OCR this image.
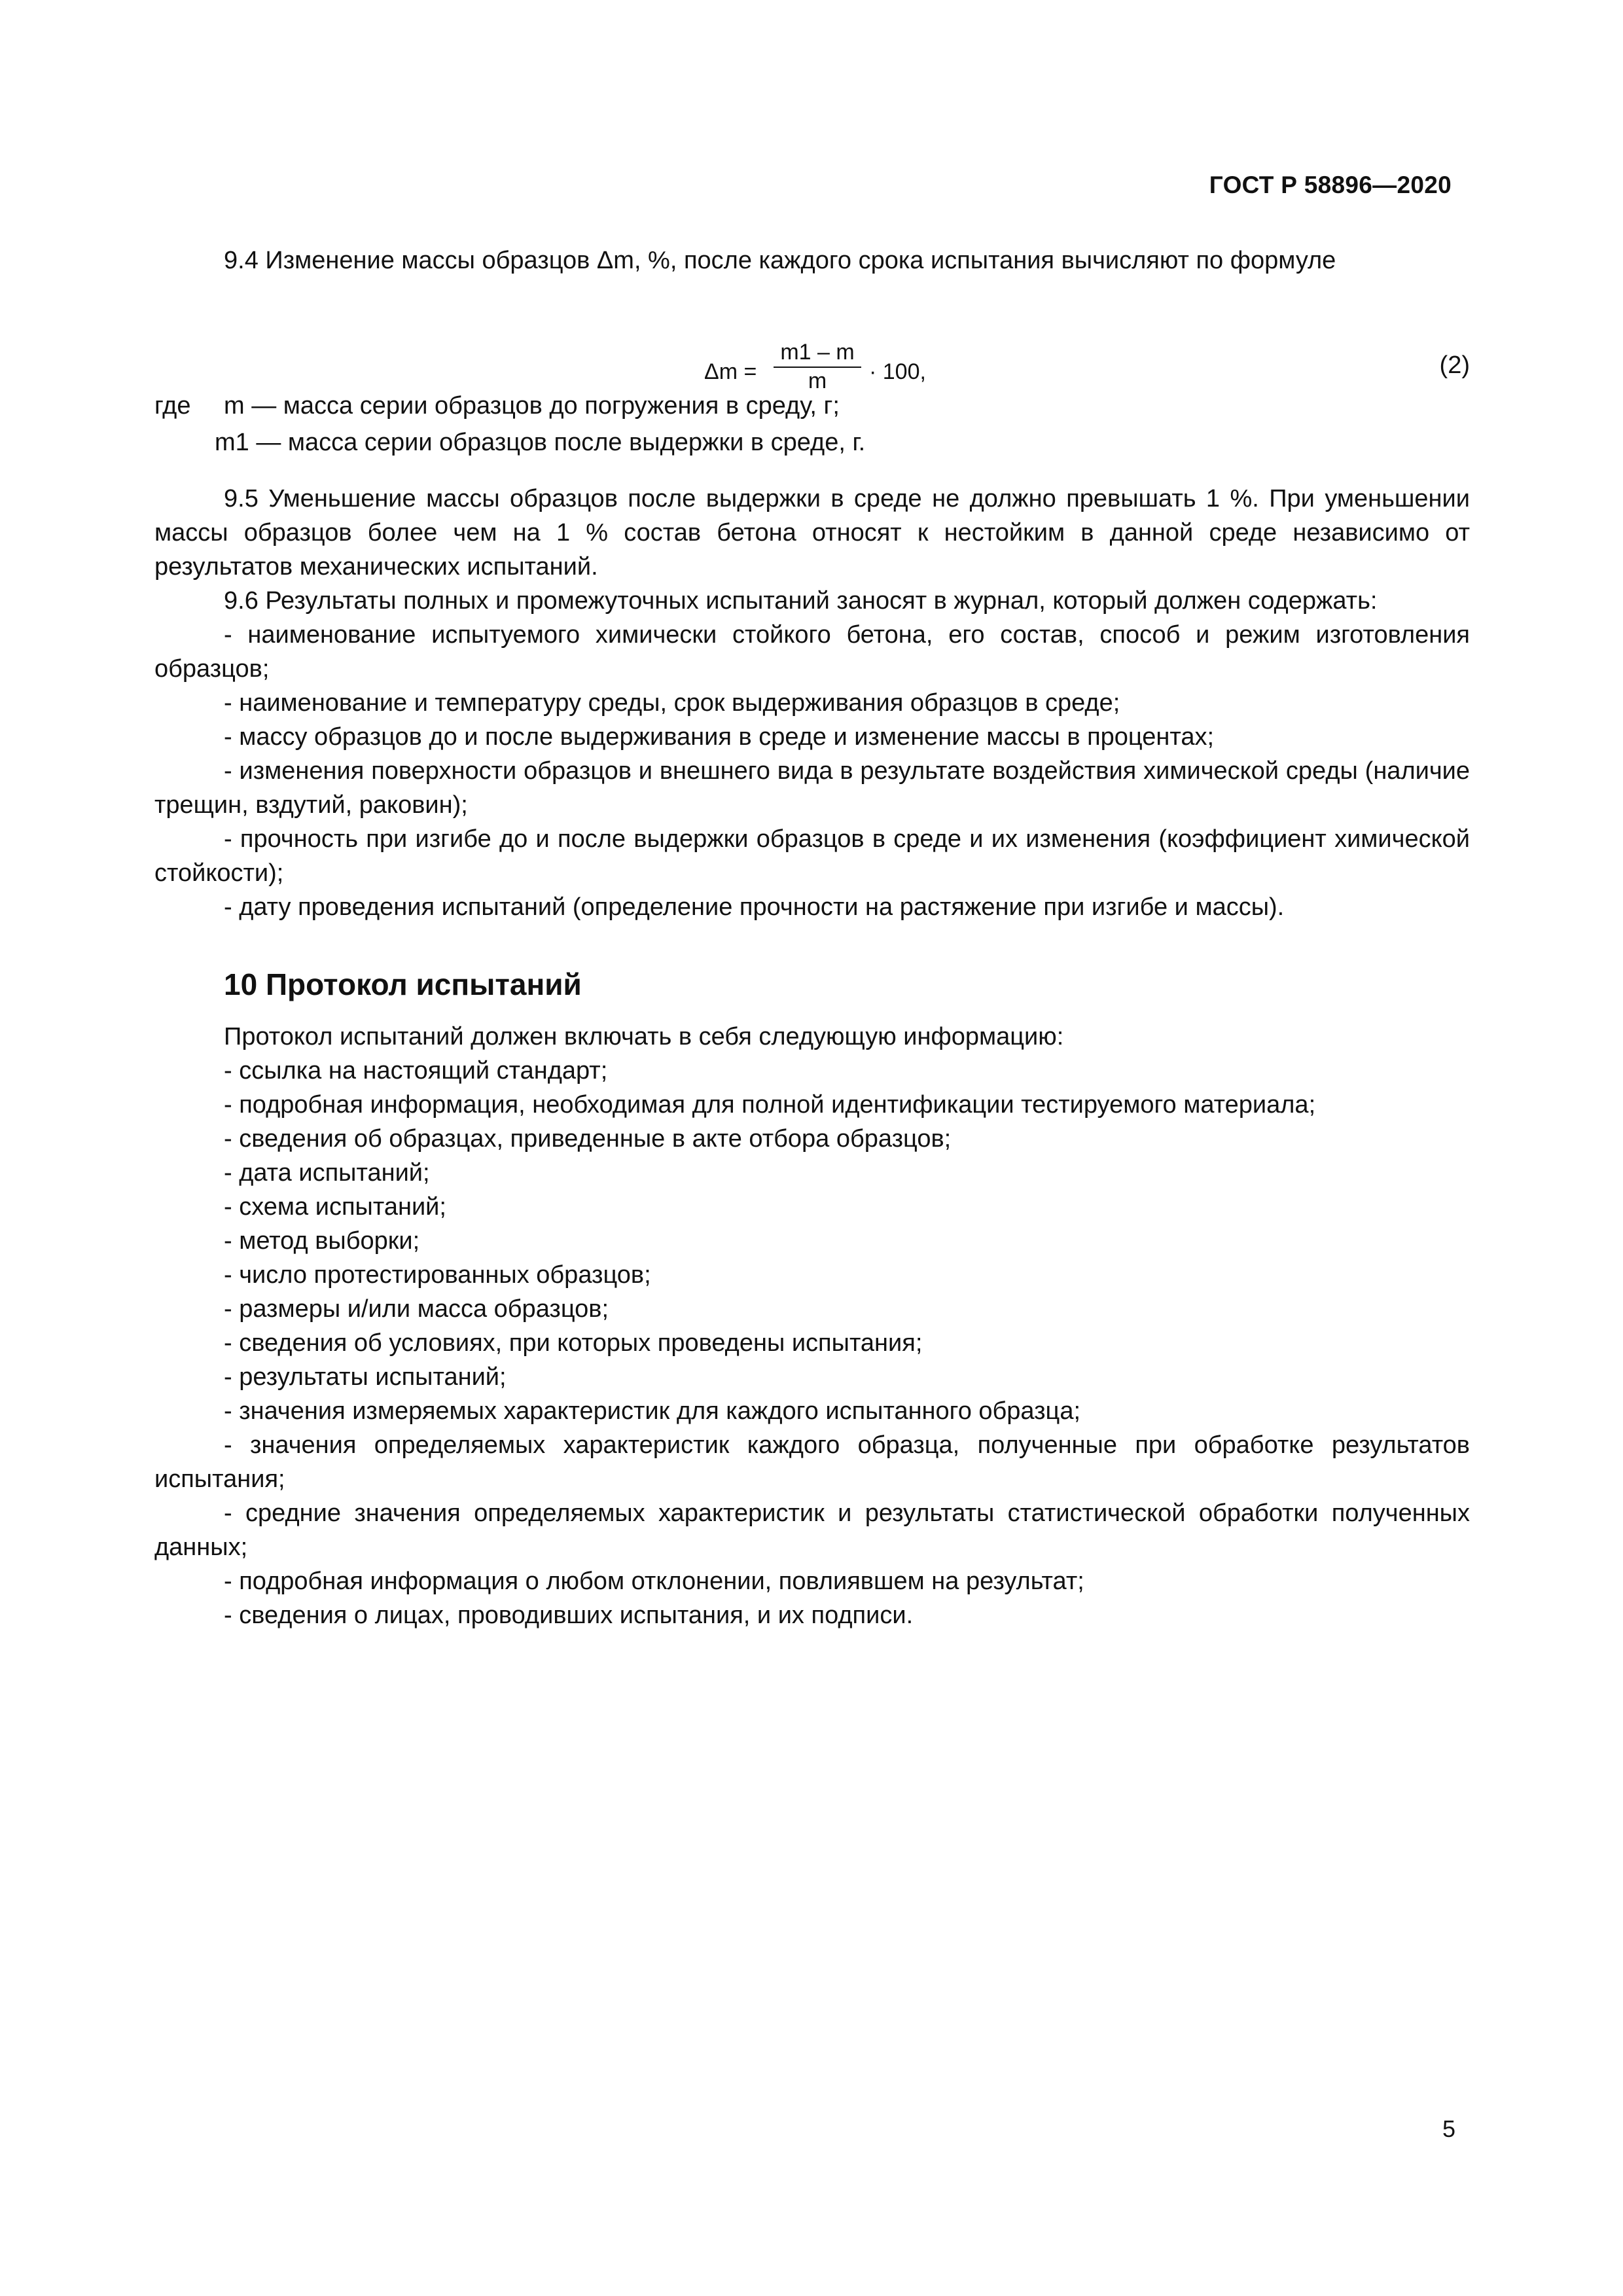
ГОСТ Р 58896—2020

9.4 Изменение массы образцов Δm, %, после каждого срока испытания вычисляют по формуле

Δm =
m1 – m
m	· 100,	(2)
где m — масса серии образцов до погружения в среду, г;
m1 — масса серии образцов после выдержки в среде, г.

9.5 Уменьшение массы образцов после выдержки в среде не должно превышать 1 %. При уменьшении массы образцов более чем на 1 % состав бетона относят к нестойким в данной среде независимо от результатов механических испытаний.

9.6 Результаты полных и промежуточных испытаний заносят в журнал, который должен содержать:

- наименование испытуемого химически стойкого бетона, его состав, способ и режим изготовления образцов;

- наименование и температуру среды, срок выдерживания образцов в среде;

- массу образцов до и после выдерживания в среде и изменение массы в процентах;

- изменения поверхности образцов и внешнего вида в результате воздействия химической среды (наличие трещин, вздутий, раковин);

- прочность при изгибе до и после выдержки образцов в среде и их изменения (коэффициент химической стойкости);

- дату проведения испытаний (определение прочности на растяжение при изгибе и массы).

10 Протокол испытаний

Протокол испытаний должен включать в себя следующую информацию:

- ссылка на настоящий стандарт;

- подробная информация, необходимая для полной идентификации тестируемого материала;

- сведения об образцах, приведенные в акте отбора образцов;

- дата испытаний;

- схема испытаний;

- метод выборки;

- число протестированных образцов;

- размеры и/или масса образцов;

- сведения об условиях, при которых проведены испытания;

- результаты испытаний;

- значения измеряемых характеристик для каждого испытанного образца;

- значения определяемых характеристик каждого образца, полученные при обработке результатов испытания;

- средние значения определяемых характеристик и результаты статистической обработки полученных данных;

- подробная информация о любом отклонении, повлиявшем на результат;

- сведения о лицах, проводивших испытания, и их подписи.

5
